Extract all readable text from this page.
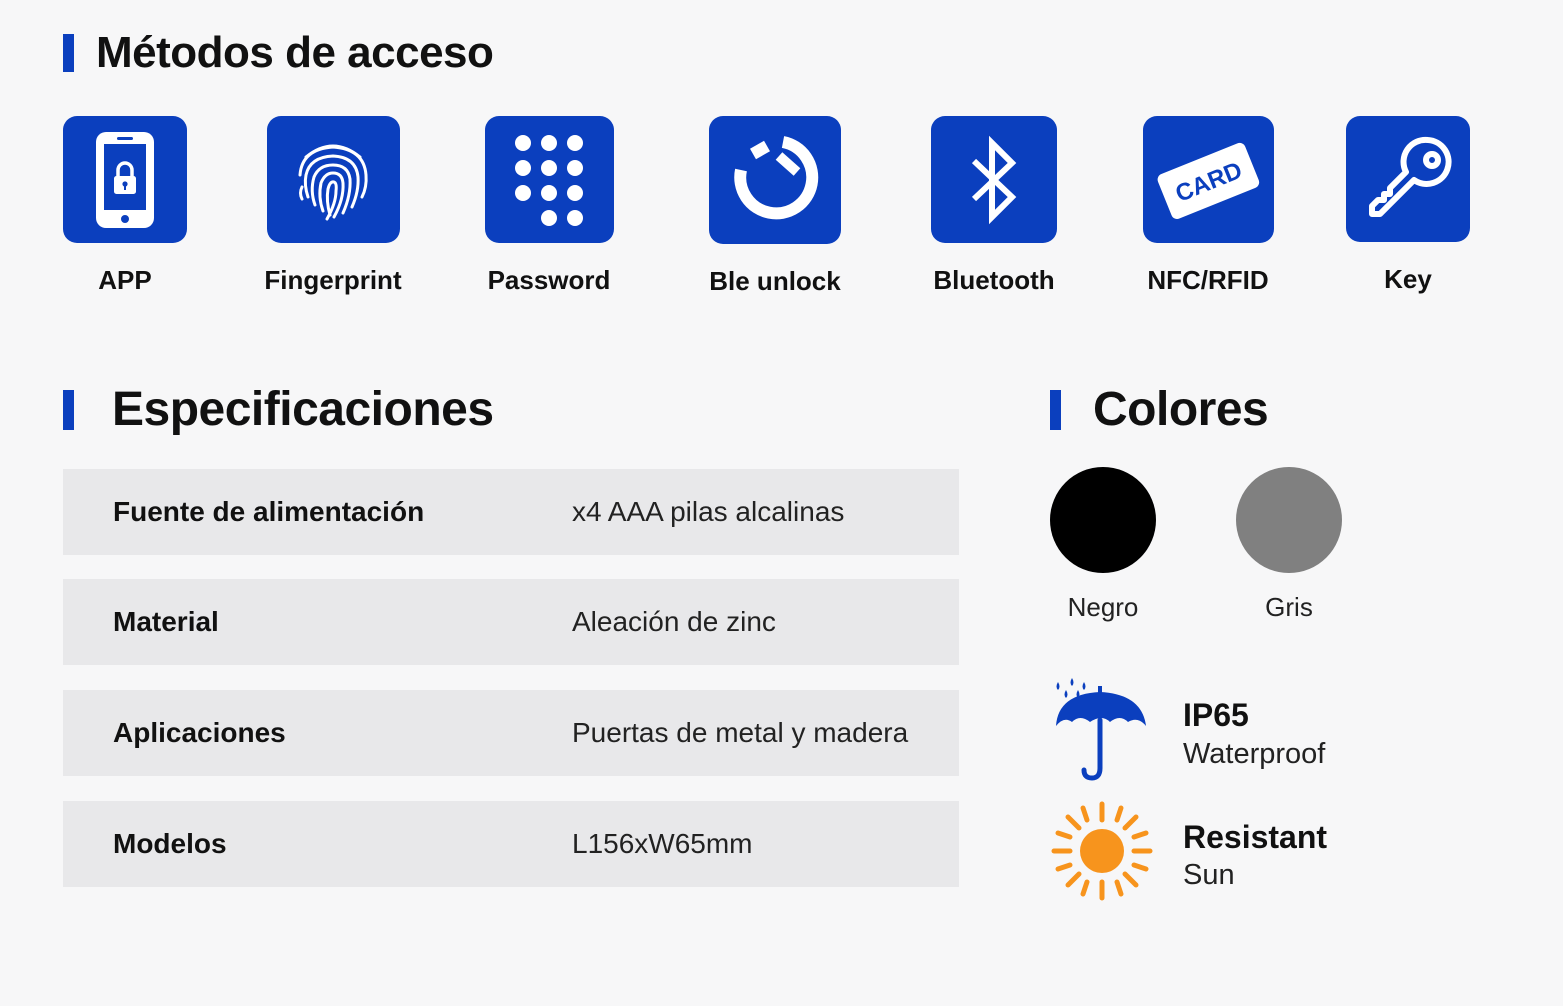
Métodos de acceso
APP	Fingerprint	Password	Ble unlock	Bluetooth
CARD
NFC/RFID	Key
Especificaciones
Fuente de alimentación	x4 AAA pilas alcalinas
Material	Aleación de zinc
Aplicaciones	Puertas de metal y madera
Modelos	L156xW65mm
Colores
Negro	Gris
IP65
Waterproof
Resistant
Sun
